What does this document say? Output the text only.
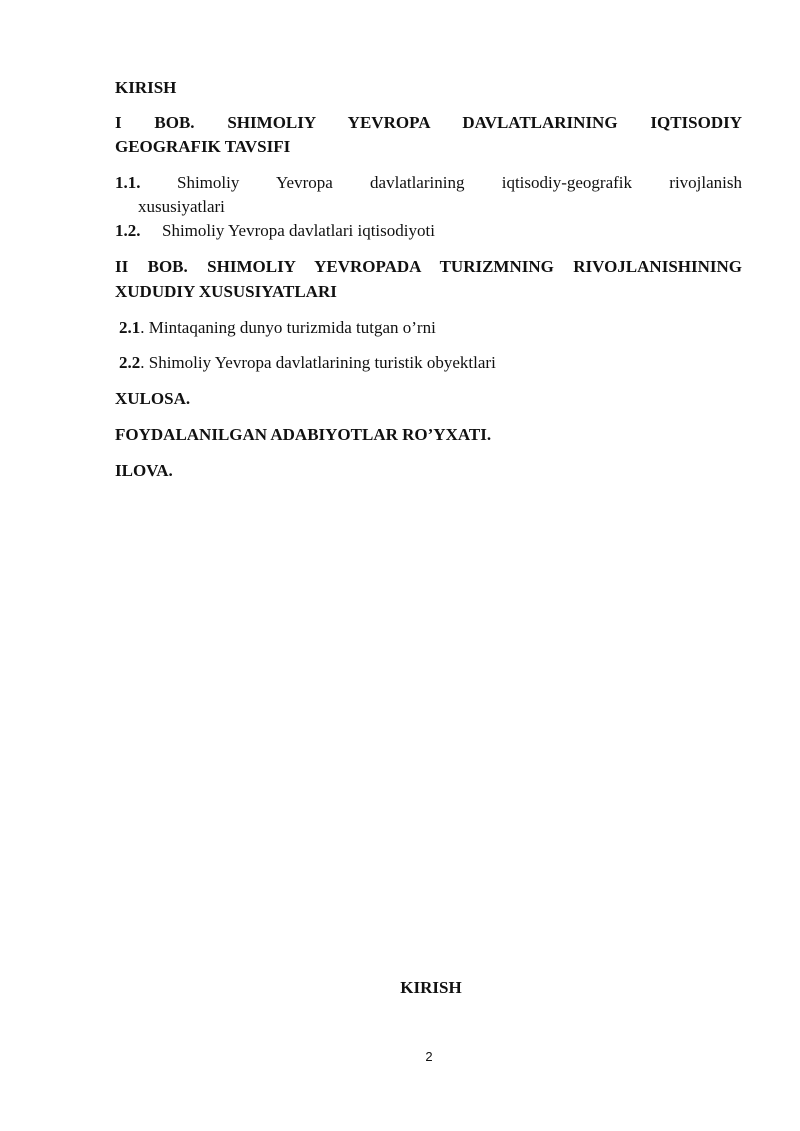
KIRISH
I BOB. SHIMOLIY YEVROPA DAVLATLARINING IQTISODIY
GEOGRAFIK TAVSIFI
1.1. Shimoliy Yevropa davlatlarining iqtisodiy-geografik rivojlanish
xususiyatlari
1.2. Shimoliy Yevropa davlatlari iqtisodiyoti
II BOB. SHIMOLIY YEVROPADA TURIZMNING RIVOJLANISHINING
XUDUDIY XUSUSIYATLARI
2.1. Mintaqaning dunyo turizmida tutgan o’rni
2.2. Shimoliy Yevropa davlatlarining turistik obyektlari
XULOSA.
FOYDALANILGAN ADABIYOTLAR RO’YXATI.
ILOVA.
KIRISH
2
